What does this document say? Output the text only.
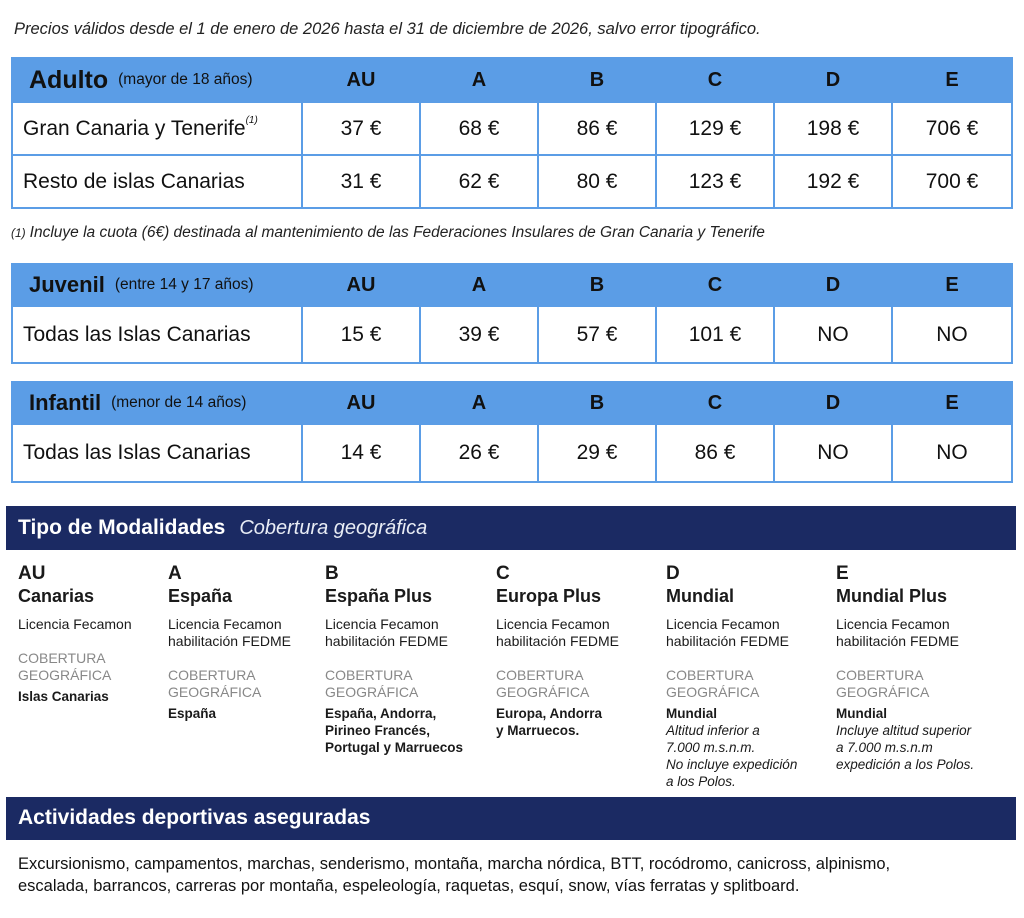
Precios válidos desde el 1 de enero de 2026 hasta el 31 de diciembre de 2026, salvo error tipográfico.
Adulto (mayor de 18 años)	AU	A	B	C	D	E
Gran Canaria y Tenerife$^{(1)}$	37 €	68 €	86 €	129 €	198 €	706 €
Resto de islas Canarias	31 €	62 €	80 €	123 €	192 €	700 €
(1) Incluye la cuota (6€) destinada al mantenimiento de las Federaciones Insulares de Gran Canaria y Tenerife
Juvenil (entre 14 y 17 años)	AU	A	B	C	D	E
Todas las Islas Canarias	15 €	39 €	57 €	101 €	NO	NO
Infantil (menor de 14 años)	AU	A	B	C	D	E
Todas las Islas Canarias	14 €	26 €	29 €	86 €	NO	NO
Tipo de Modalidades Cobertura geográfica
AU
Canarias
Licencia Fecamon
COBERTURA
GEOGRÁFICA
Islas Canarias
A
España
Licencia Fecamon
habilitación FEDME
COBERTURA
GEOGRÁFICA
España
B
España Plus
Licencia Fecamon
habilitación FEDME
COBERTURA
GEOGRÁFICA
España, Andorra,
Pirineo Francés,
Portugal y Marruecos
C
Europa Plus
Licencia Fecamon
habilitación FEDME
COBERTURA
GEOGRÁFICA
Europa, Andorra
y Marruecos.
D
Mundial
Licencia Fecamon
habilitación FEDME
COBERTURA
GEOGRÁFICA
Mundial
Altitud inferior a
7.000 m.s.n.m.
No incluye expedición
a los Polos.
E
Mundial Plus
Licencia Fecamon
habilitación FEDME
COBERTURA
GEOGRÁFICA
Mundial
Incluye altitud superior
a 7.000 m.s.n.m
expedición a los Polos.
Actividades deportivas aseguradas
Excursionismo, campamentos, marchas, senderismo, montaña, marcha nórdica, BTT, rocódromo, canicross, alpinismo,
escalada, barrancos, carreras por montaña, espeleología, raquetas, esquí, snow, vías ferratas y splitboard.
